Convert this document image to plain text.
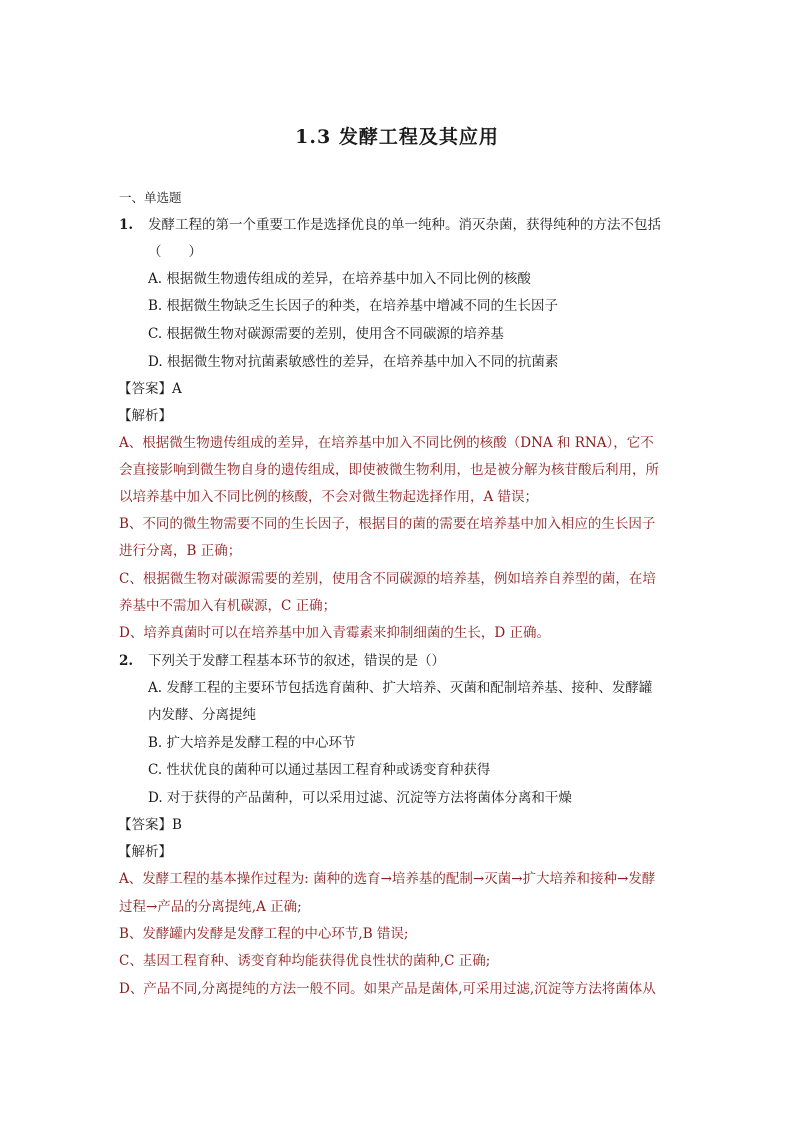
1.3 发酵工程及其应用
一、单选题
1. 发酵工程的第一个重要工作是选择优良的单一纯种。消灭杂菌，获得纯种的方法不包括
（　　）
A. 根据微生物遗传组成的差异，在培养基中加入不同比例的核酸
B. 根据微生物缺乏生长因子的种类，在培养基中增减不同的生长因子
C. 根据微生物对碳源需要的差别，使用含不同碳源的培养基
D. 根据微生物对抗菌素敏感性的差异，在培养基中加入不同的抗菌素
【答案】A
【解析】
A、根据微生物遗传组成的差异，在培养基中加入不同比例的核酸（DNA 和 RNA），它不
会直接影响到微生物自身的遗传组成，即使被微生物利用，也是被分解为核苷酸后利用，所
以培养基中加入不同比例的核酸，不会对微生物起选择作用，A 错误；
B、不同的微生物需要不同的生长因子，根据目的菌的需要在培养基中加入相应的生长因子
进行分离，B 正确；
C、根据微生物对碳源需要的差别，使用含不同碳源的培养基，例如培养自养型的菌，在培
养基中不需加入有机碳源，C 正确；
D、培养真菌时可以在培养基中加入青霉素来抑制细菌的生长，D 正确。
2. 下列关于发酵工程基本环节的叙述，错误的是（）
A. 发酵工程的主要环节包括选育菌种、扩大培养、灭菌和配制培养基、接种、发酵罐
内发酵、分离提纯
B. 扩大培养是发酵工程的中心环节
C. 性状优良的菌种可以通过基因工程育种或诱变育种获得
D. 对于获得的产品菌种，可以采用过滤、沉淀等方法将菌体分离和干燥
【答案】B
【解析】
A、发酵工程的基本操作过程为: 菌种的选育→培养基的配制→灭菌→扩大培养和接种→发酵
过程→产品的分离提纯,A 正确;
B、发酵罐内发酵是发酵工程的中心环节,B 错误;
C、基因工程育种、诱变育种均能获得优良性状的菌种,C 正确;
D、产品不同,分离提纯的方法一般不同。如果产品是菌体,可采用过滤,沉淀等方法将菌体从
